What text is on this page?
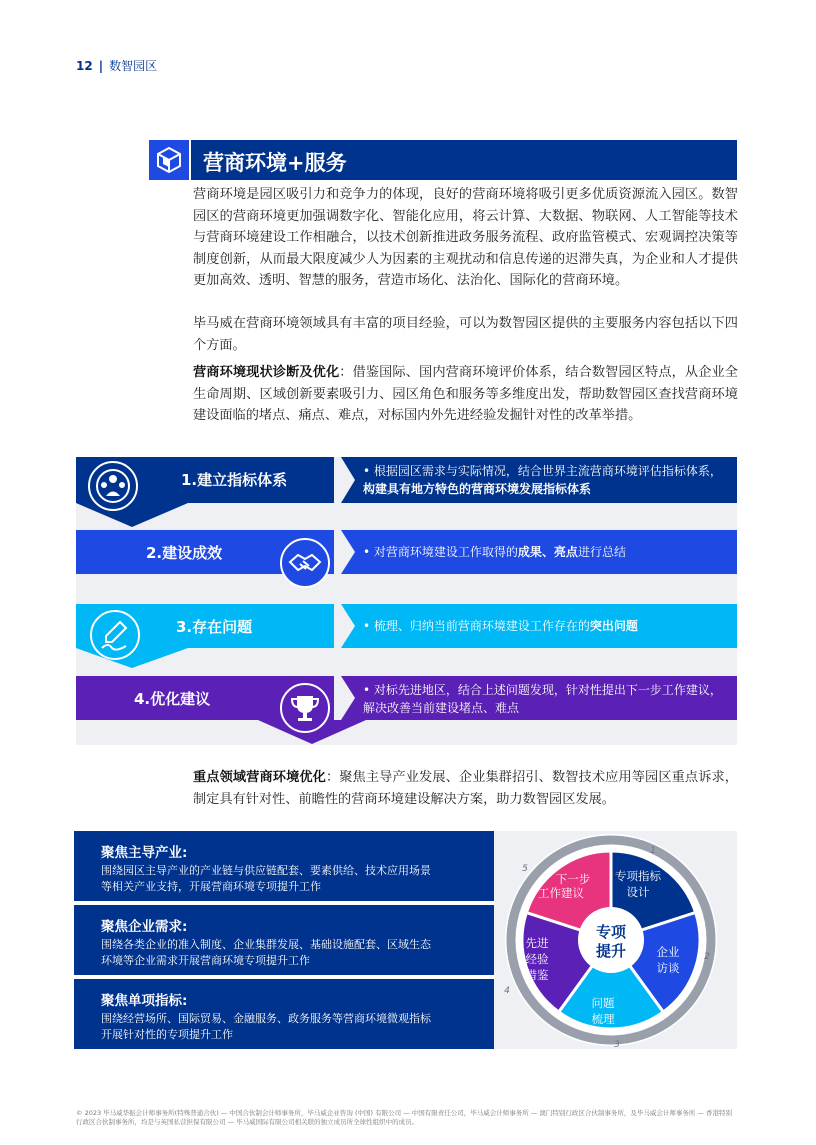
12 | 数智园区
营商环境+服务
营商环境是园区吸引力和竞争力的体现，良好的营商环境将吸引更多优质资源流入园区。数智园区的营商环境更加强调数字化、智能化应用，将云计算、大数据、物联网、人工智能等技术与营商环境建设工作相融合，以技术创新推进政务服务流程、政府监管模式、宏观调控决策等制度创新，从而最大限度减少人为因素的主观扰动和信息传递的迟滞失真，为企业和人才提供更加高效、透明、智慧的服务，营造市场化、法治化、国际化的营商环境。
毕马威在营商环境领域具有丰富的项目经验，可以为数智园区提供的主要服务内容包括以下四个方面。
营商环境现状诊断及优化：借鉴国际、国内营商环境评价体系，结合数智园区特点，从企业全生命周期、区域创新要素吸引力、园区角色和服务等多维度出发，帮助数智园区查找营商环境建设面临的堵点、痛点、难点，对标国内外先进经验发掘针对性的改革举措。
1.建立指标体系	• 根据园区需求与实际情况，结合世界主流营商环境评估指标体系，构建具有地方特色的营商环境发展指标体系
2.建设成效	• 对营商环境建设工作取得的成果、亮点进行总结
3.存在问题	• 梳理、归纳当前营商环境建设工作存在的突出问题
4.优化建议	• 对标先进地区，结合上述问题发现，针对性提出下一步工作建议，解决改善当前建设堵点、难点
重点领域营商环境优化：聚焦主导产业发展、企业集群招引、数智技术应用等园区重点诉求，制定具有针对性、前瞻性的营商环境建设解决方案，助力数智园区发展。
聚焦主导产业:
围绕园区主导产业的产业链与供应链配套、要素供给、技术应用场景等相关产业支持，开展营商环境专项提升工作
聚焦企业需求:
围绕各类企业的准入制度、企业集群发展、基础设施配套、区域生态环境等企业需求开展营商环境专项提升工作
聚焦单项指标:
围绕经营场所、国际贸易、金融服务、政务服务等营商环境微观指标开展针对性的专项提升工作
专项
提升
专项指标
设计
企业
访谈
问题
梳理
先进
经验
借鉴
下一步
工作建议
1
2
3
4
5
© 2023 毕马威华振会计师事务所(特殊普通合伙) — 中国合伙制会计师事务所，毕马威企业咨询 (中国) 有限公司 — 中国有限责任公司，毕马威会计师事务所 — 澳门特别行政区合伙制事务所，及毕马威会计师事务所 — 香港特别行政区合伙制事务所，均是与英国私营担保有限公司 — 毕马威国际有限公司相关联的独立成员所全球性组织中的成员。
